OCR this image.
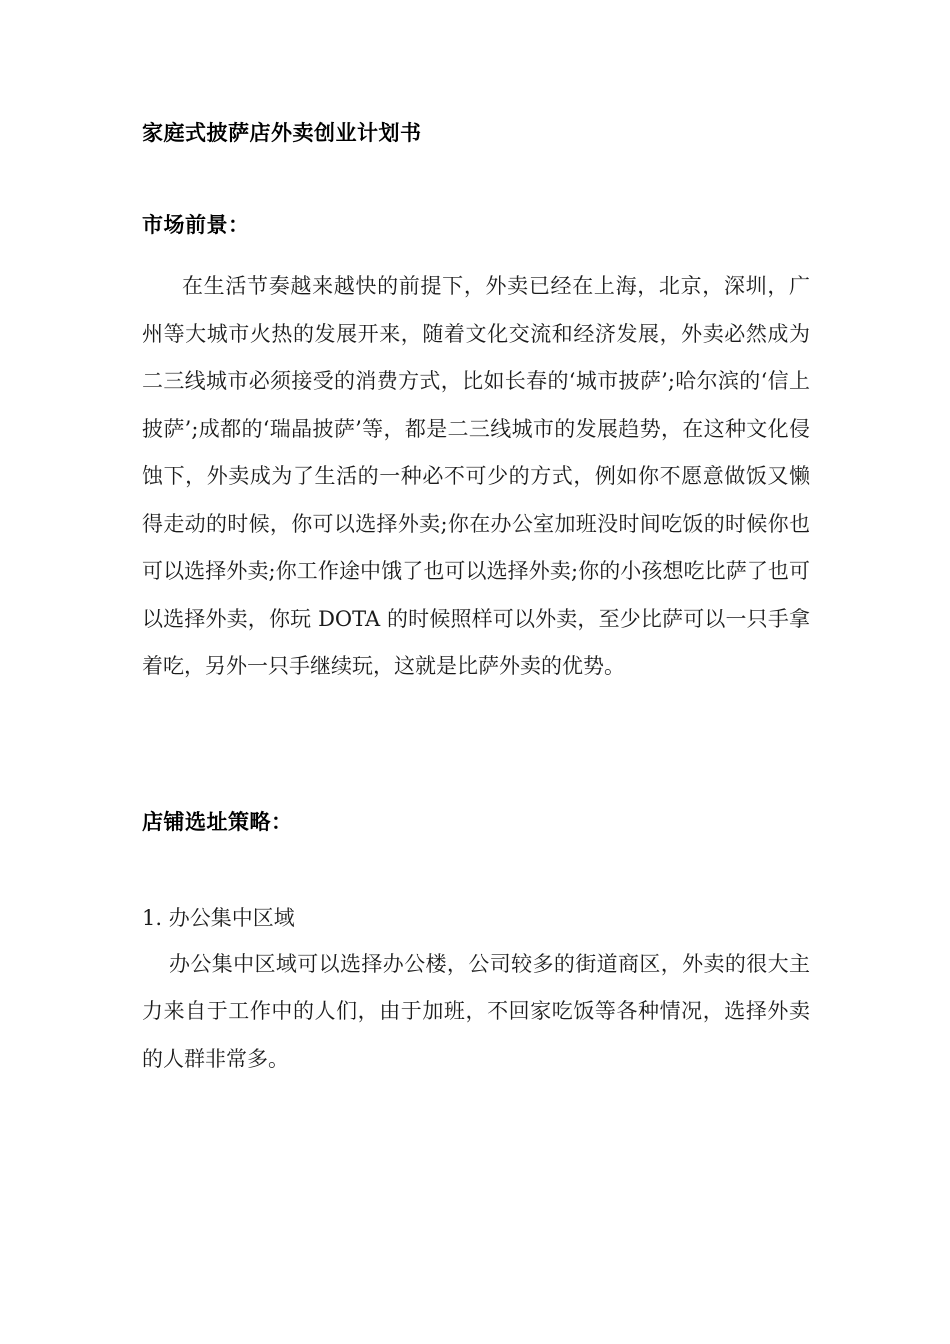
家庭式披萨店外卖创业计划书
市场前景：

在生活节奏越来越快的前提下，外卖已经在上海，北京，深圳，广州等大城市火热的发展开来，随着文化交流和经济发展，外卖必然成为二三线城市必须接受的消费方式，比如长春的‘城市披萨’;哈尔滨的‘信上披萨’;成都的‘瑞晶披萨’等，都是二三线城市的发展趋势，在这种文化侵蚀下，外卖成为了生活的一种必不可少的方式，例如你不愿意做饭又懒得走动的时候，你可以选择外卖;你在办公室加班没时间吃饭的时候你也可以选择外卖;你工作途中饿了也可以选择外卖;你的小孩想吃比萨了也可以选择外卖，你玩 DOTA 的时候照样可以外卖，至少比萨可以一只手拿着吃，另外一只手继续玩，这就是比萨外卖的优势。

店铺选址策略：

1. 办公集中区域

办公集中区域可以选择办公楼，公司较多的街道商区，外卖的很大主力来自于工作中的人们，由于加班，不回家吃饭等各种情况，选择外卖的人群非常多。
